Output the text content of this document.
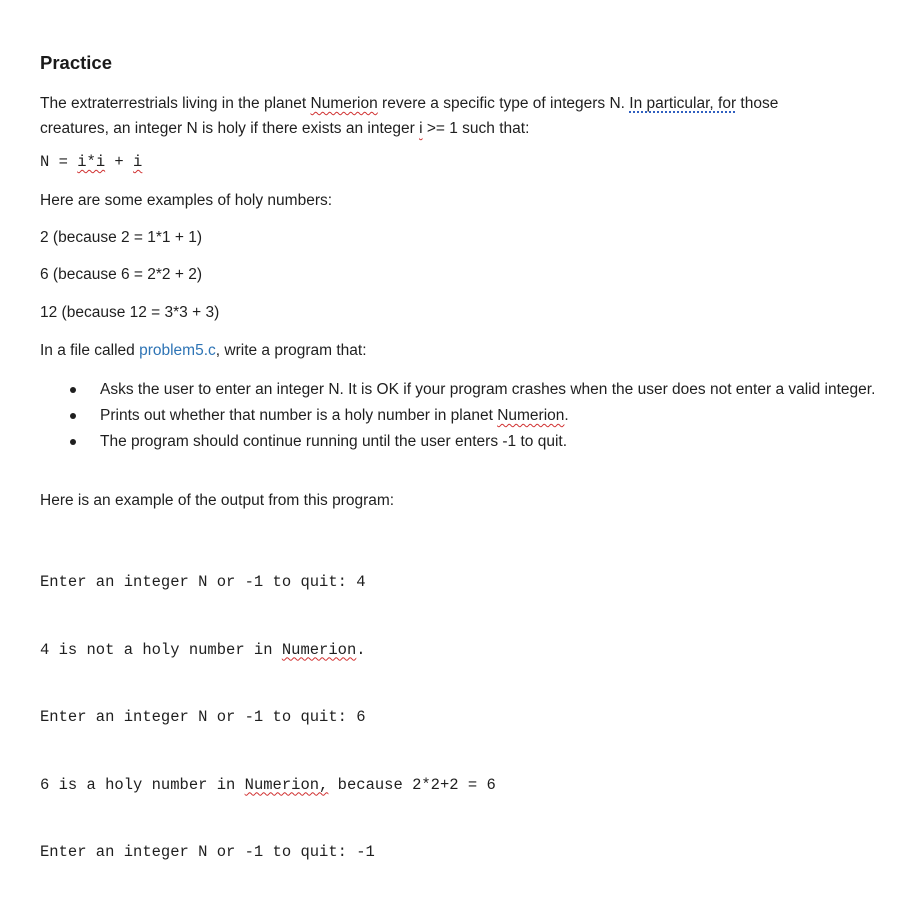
Practice

The extraterrestrials living in the planet Numerion revere a specific type of integers N. In particular, for those
creatures, an integer N is holy if there exists an integer i >= 1 such that:

N = i*i + i

Here are some examples of holy numbers:

2 (because 2 = 1*1 + 1)

6 (because 6 = 2*2 + 2)

12 (because 12 = 3*3 + 3)

In a file called problem5.c, write a program that:

Asks the user to enter an integer N. It is OK if your program crashes when the user does not enter a valid integer.
Prints out whether that number is a holy number in planet Numerion.
The program should continue running until the user enters -1 to quit.

Here is an example of the output from this program:

Enter an integer N or -1 to quit: 4

4 is not a holy number in Numerion.

Enter an integer N or -1 to quit: 6

6 is a holy number in Numerion, because 2*2+2 = 6

Enter an integer N or -1 to quit: -1
